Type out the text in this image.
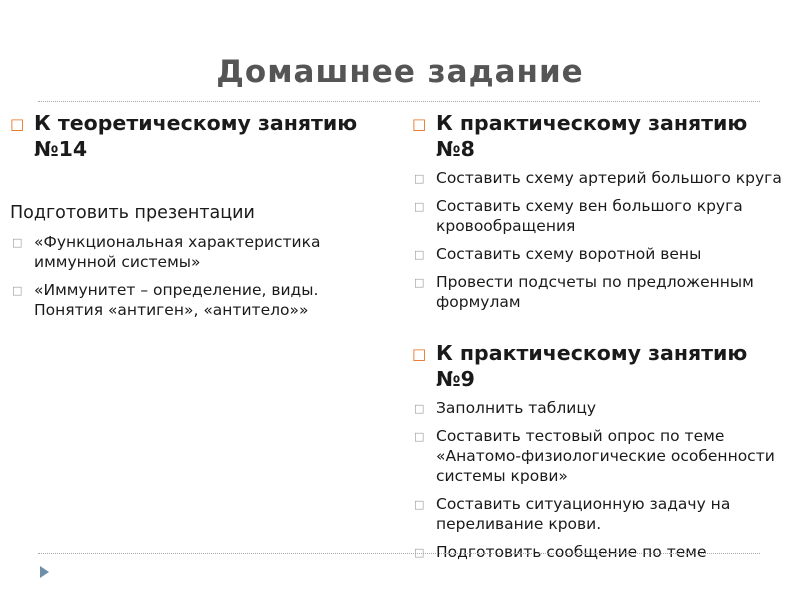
Домашнее задание
□ К теоретическому занятию №14
Подготовить презентации
□ «Функциональная характеристика иммунной системы»
□ «Иммунитет – определение, виды. Понятия «антиген», «антитело»»
□ К практическому занятию №8
□ Составить схему артерий большого круга
□ Составить схему вен большого круга кровообращения
□ Составить схему воротной вены
□ Провести подсчеты по предложенным формулам
□ К практическому занятию №9
□ Заполнить таблицу
□ Составить тестовый опрос по теме «Анатомо-физиологические особенности системы крови»
□ Составить ситуационную задачу на переливание крови.
□ Подготовить сообщение по теме
